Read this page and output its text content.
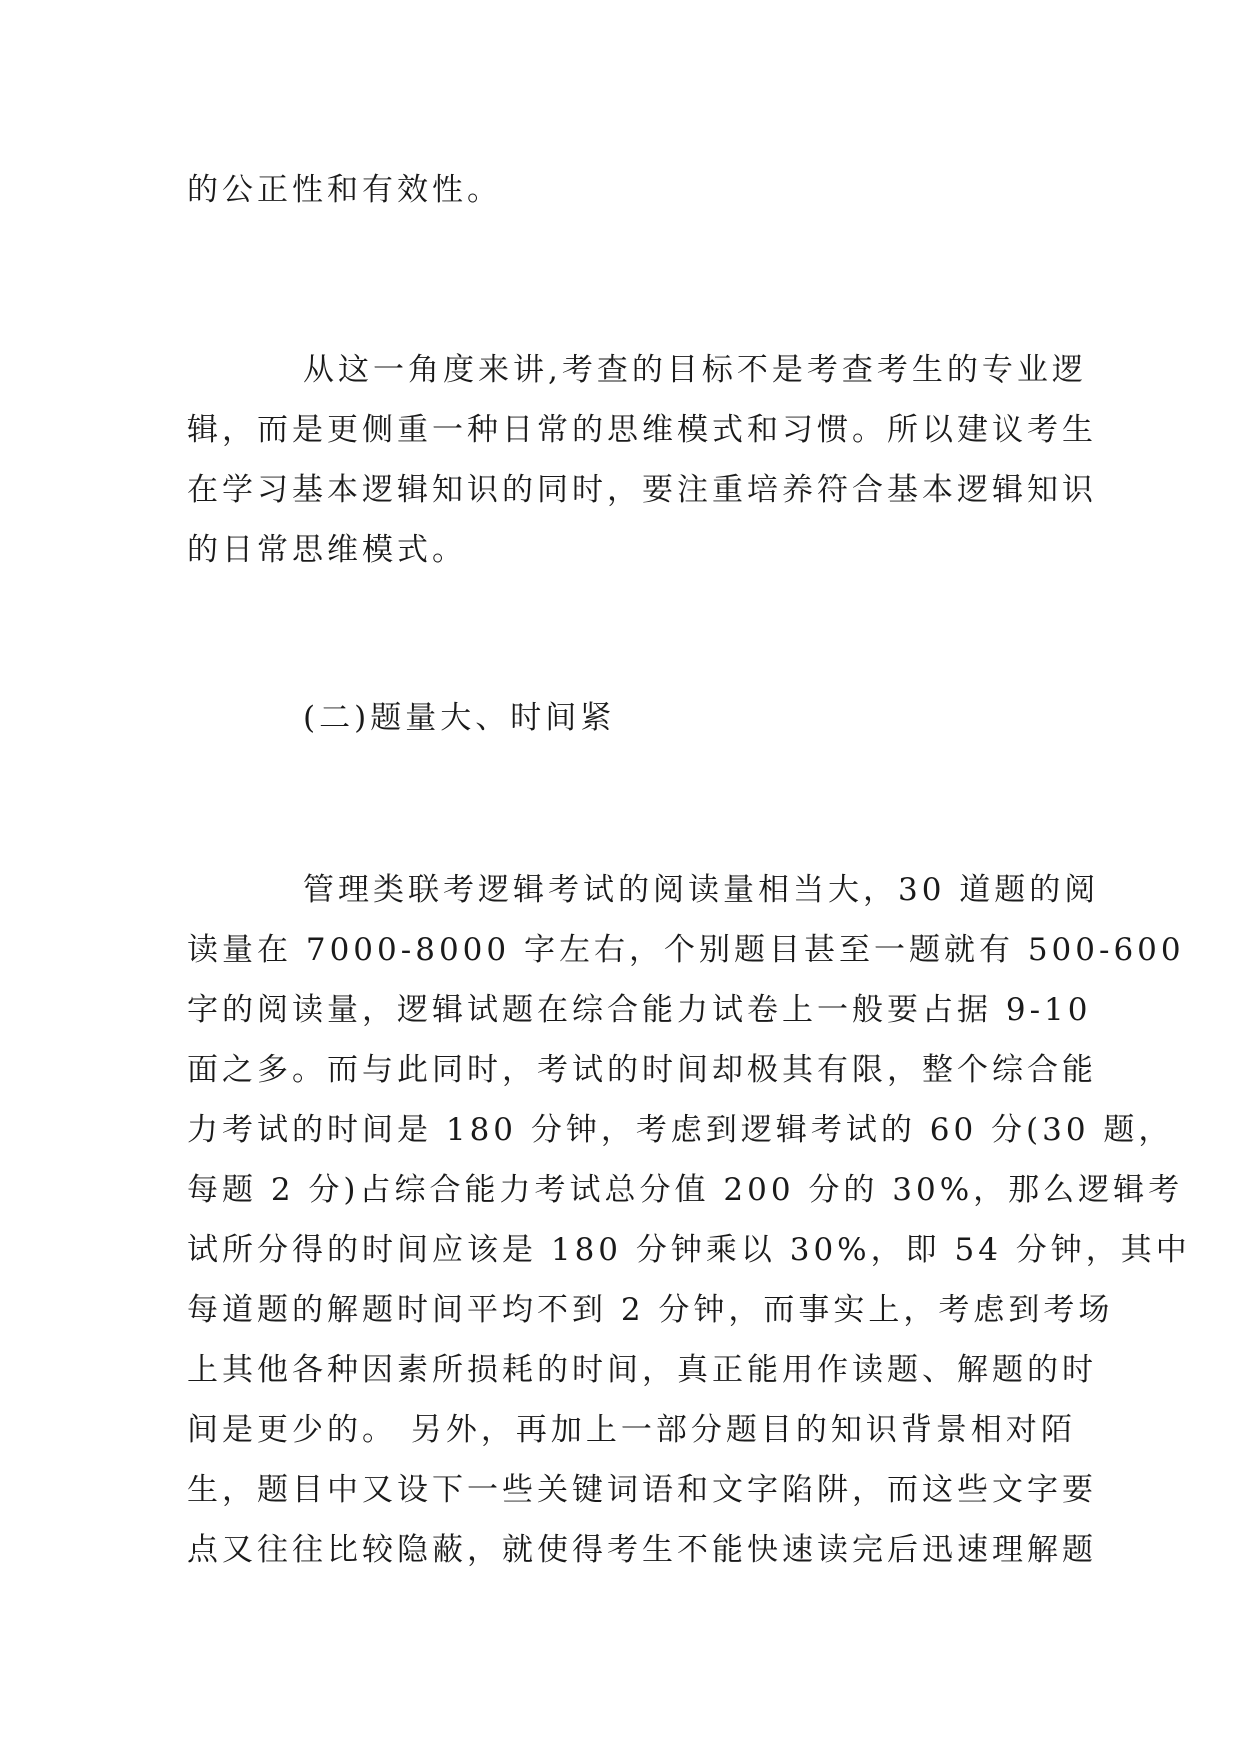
的公正性和有效性。
从这一角度来讲,考查的目标不是考查考生的专业逻
辑，而是更侧重一种日常的思维模式和习惯。所以建议考生
在学习基本逻辑知识的同时，要注重培养符合基本逻辑知识
的日常思维模式。
(二)题量大、时间紧
管理类联考逻辑考试的阅读量相当大，30 道题的阅
读量在 7000-8000 字左右，个别题目甚至一题就有 500-600
字的阅读量，逻辑试题在综合能力试卷上一般要占据 9-10
面之多。而与此同时，考试的时间却极其有限，整个综合能
力考试的时间是 180 分钟，考虑到逻辑考试的 60 分(30 题，
每题 2 分)占综合能力考试总分值 200 分的 30%，那么逻辑考
试所分得的时间应该是 180 分钟乘以 30%，即 54 分钟，其中
每道题的解题时间平均不到 2 分钟，而事实上，考虑到考场
上其他各种因素所损耗的时间，真正能用作读题、解题的时
间是更少的。 另外，再加上一部分题目的知识背景相对陌
生，题目中又设下一些关键词语和文字陷阱，而这些文字要
点又往往比较隐蔽，就使得考生不能快速读完后迅速理解题
